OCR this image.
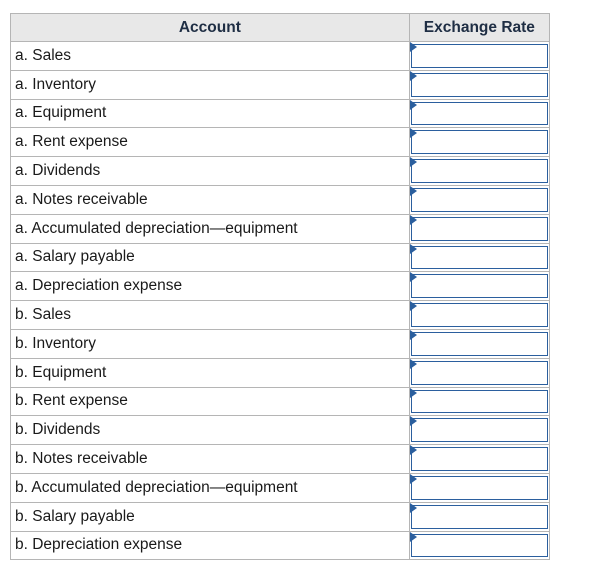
Account	Exchange Rate
a. Sales	

a. Inventory	

a. Equipment	

a. Rent expense	

a. Dividends	

a. Notes receivable	

a. Accumulated depreciation—equipment	

a. Salary payable	

a. Depreciation expense	

b. Sales	

b. Inventory	

b. Equipment	

b. Rent expense	

b. Dividends	

b. Notes receivable	

b. Accumulated depreciation—equipment	

b. Salary payable	

b. Depreciation expense	
